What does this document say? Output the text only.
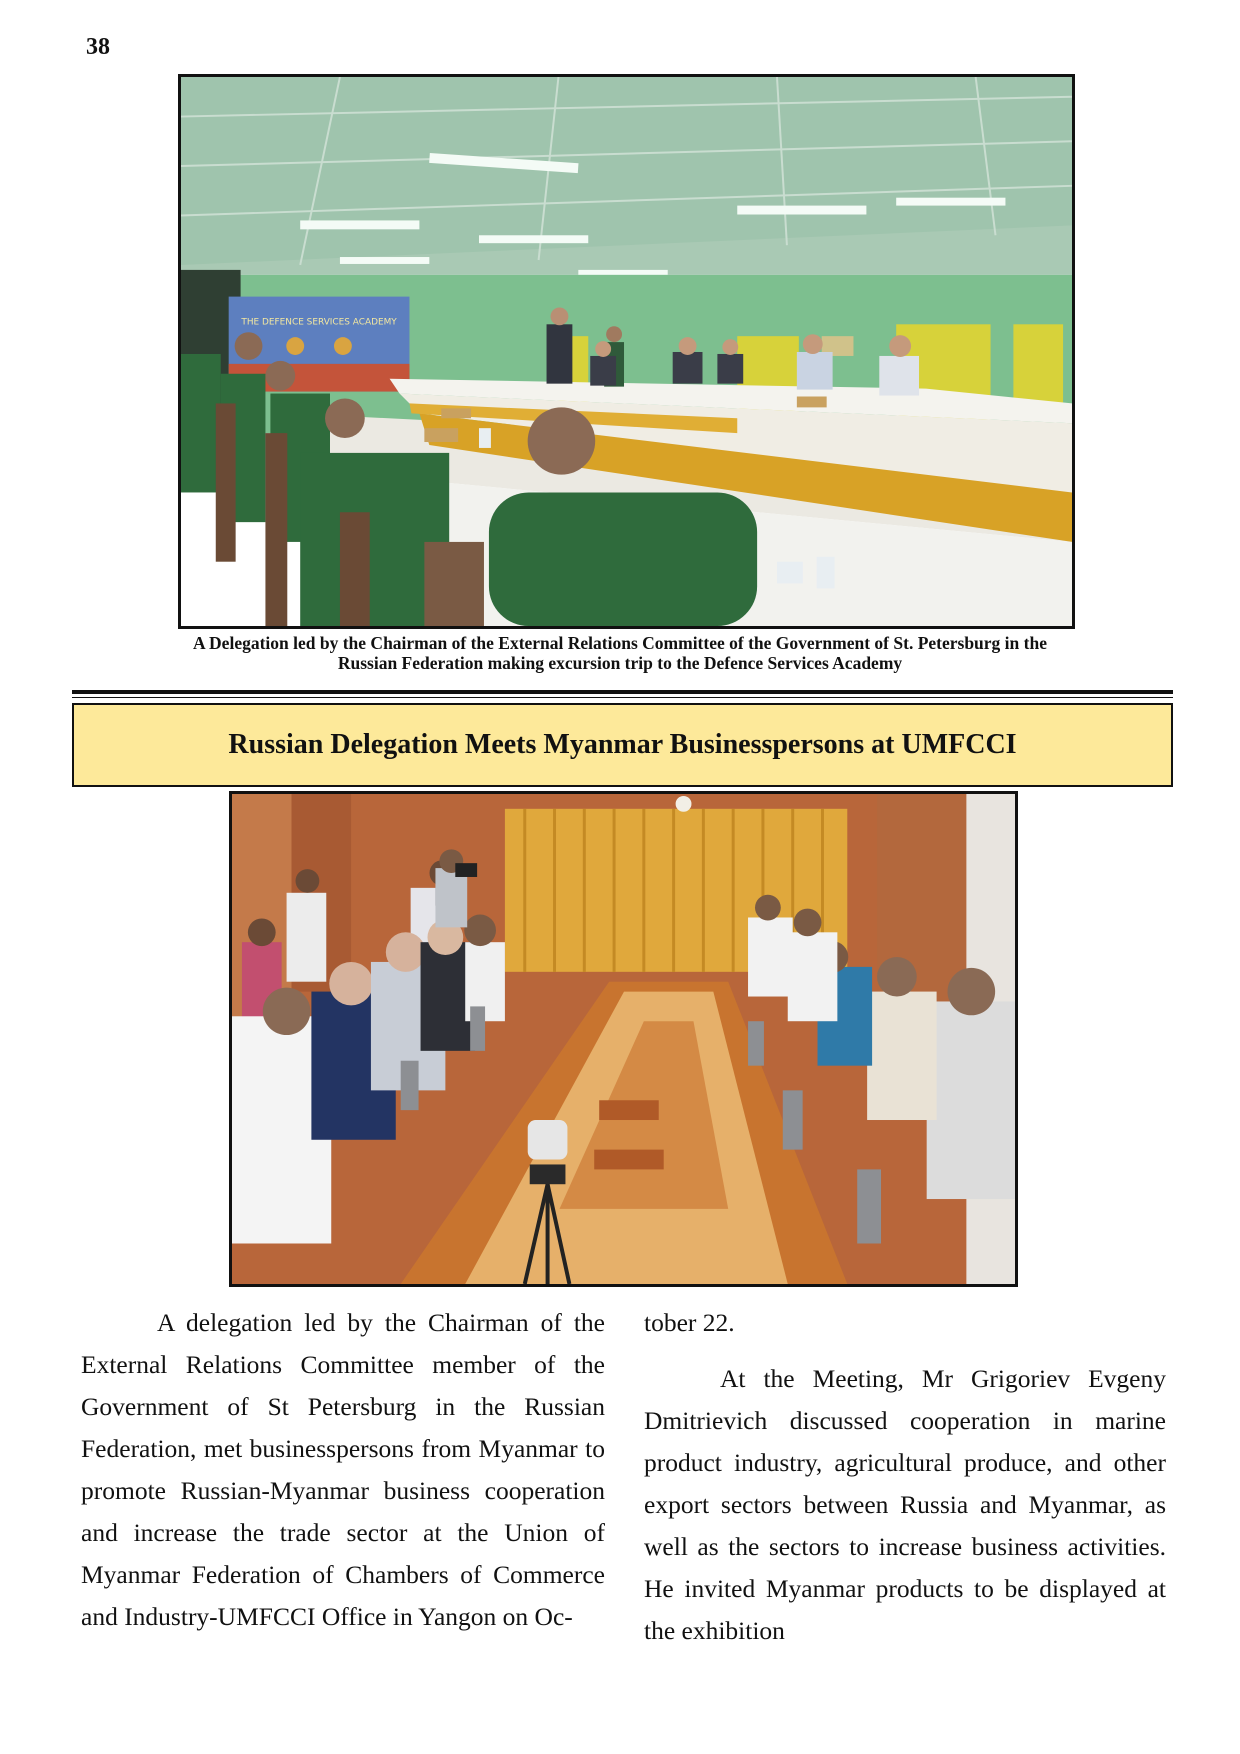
38
THE DEFENCE SERVICES ACADEMY
A Delegation led by the Chairman of the External Relations Committee of the Government of St. Petersburg in the
Russian Federation making excursion trip to the Defence Services Academy
Russian Delegation Meets Myanmar Businesspersons at UMFCCI

A delegation led by the Chairman of the External Relations Committee member of the Government of St Petersburg in the Russian Federation, met businesspersons from Myanmar to promote Russian-Myanmar business cooperation and increase the trade sector at the Union of Myanmar Federation of Chambers of Commerce and Industry-UMFCCI Office in Yangon on Oc-

tober 22.

At the Meeting, Mr Grigoriev Evgeny Dmitrievich discussed cooperation in marine product industry, agricultural produce, and other export sectors between Russia and Myanmar, as well as the sectors to increase business activities. He invited Myanmar products to be displayed at the exhibition
